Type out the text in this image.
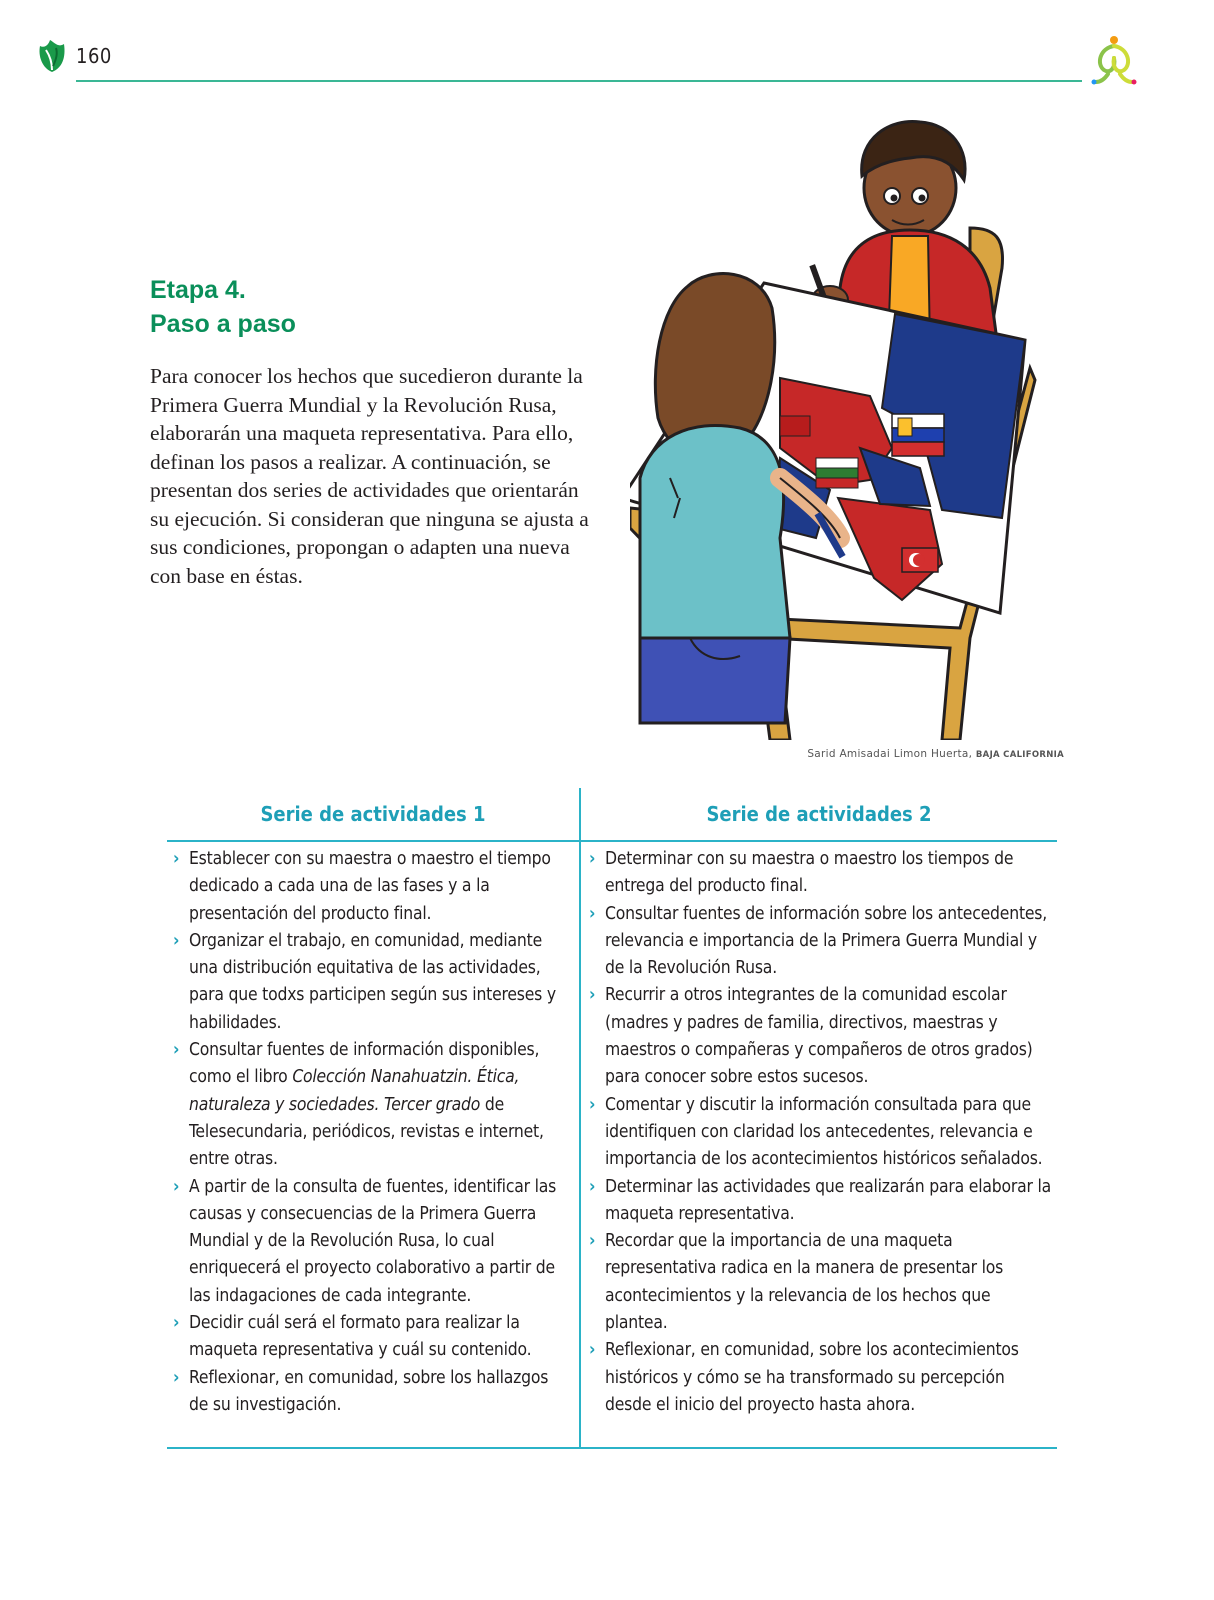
160
Etapa 4.
Paso a paso

Para conocer los hechos que sucedieron durante la Primera Guerra Mundial y la Revolución Rusa, elaborarán una maqueta representativa. Para ello, definan los pasos a realizar. A continuación, se presentan dos series de actividades que orientarán su ejecución. Si consideran que ninguna se ajusta a sus condiciones, propongan o adapten una nueva con base en éstas.

Sarid Amisadai Limon Huerta, BAJA CALIFORNIA
Serie de actividades 1
› Establecer con su maestra o maestro el tiempo dedicado a cada una de las fases y a la presentación del producto final.
› Organizar el trabajo, en comunidad, mediante una distribución equitativa de las actividades, para que todxs participen según sus intereses y habilidades.
› Consultar fuentes de información disponibles, como el libro Colección Nanahuatzin. Ética, naturaleza y sociedades. Tercer grado de Telesecundaria, periódicos, revistas e internet, entre otras.
› A partir de la consulta de fuentes, identificar las causas y consecuencias de la Primera Guerra Mundial y de la Revolución Rusa, lo cual enriquecerá el proyecto colaborativo a partir de las indagaciones de cada integrante.
› Decidir cuál será el formato para realizar la maqueta representativa y cuál su contenido.
› Reflexionar, en comunidad, sobre los hallazgos de su investigación.
Serie de actividades 2
› Determinar con su maestra o maestro los tiempos de entrega del producto final.
› Consultar fuentes de información sobre los antecedentes, relevancia e importancia de la Primera Guerra Mundial y de la Revolución Rusa.
› Recurrir a otros integrantes de la comunidad escolar (madres y padres de familia, directivos, maestras y maestros o compañeras y compañeros de otros grados) para conocer sobre estos sucesos.
› Comentar y discutir la información consultada para que identifiquen con claridad los antecedentes, relevancia e importancia de los acontecimientos históricos señalados.
› Determinar las actividades que realizarán para elaborar la maqueta representativa.
› Recordar que la importancia de una maqueta representativa radica en la manera de presentar los acontecimientos y la relevancia de los hechos que plantea.
› Reflexionar, en comunidad, sobre los acontecimientos históricos y cómo se ha transformado su percepción desde el inicio del proyecto hasta ahora.
